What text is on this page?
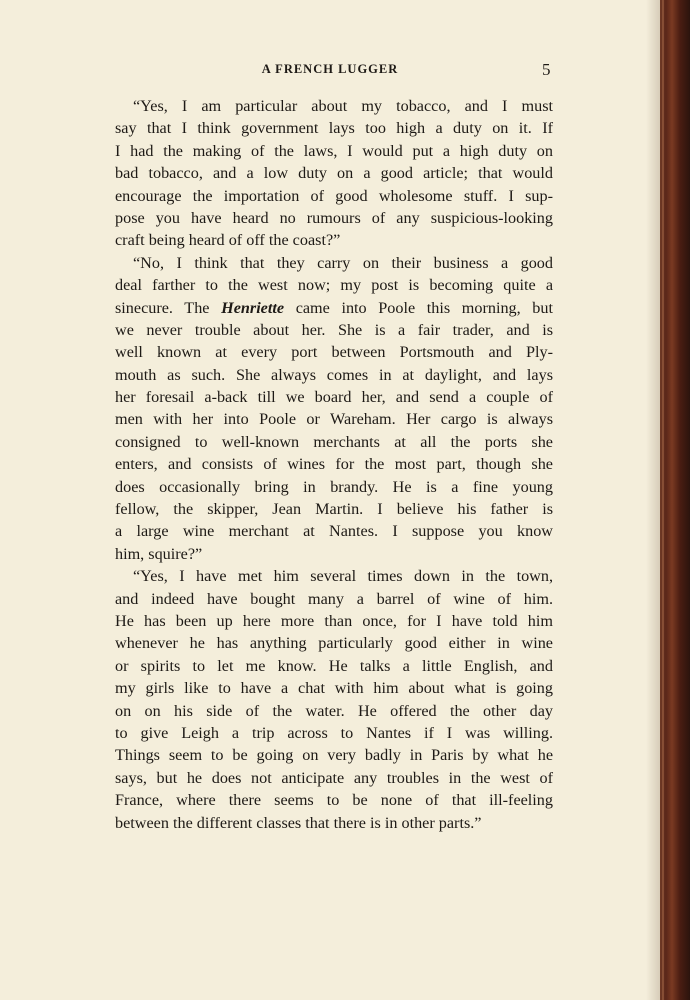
A FRENCH LUGGER	5
“Yes, I am particular about my tobacco, and I must
say that I think government lays too high a duty on it. If
I had the making of the laws, I would put a high duty on
bad tobacco, and a low duty on a good article; that would
encourage the importation of good wholesome stuff. I sup-
pose you have heard no rumours of any suspicious-looking
craft being heard of off the coast?”
“No, I think that they carry on their business a good
deal farther to the west now; my post is becoming quite a
sinecure. The Henriette came into Poole this morning, but
we never trouble about her. She is a fair trader, and is
well known at every port between Portsmouth and Ply-
mouth as such. She always comes in at daylight, and lays
her foresail a-back till we board her, and send a couple of
men with her into Poole or Wareham. Her cargo is always
consigned to well-known merchants at all the ports she
enters, and consists of wines for the most part, though she
does occasionally bring in brandy. He is a fine young
fellow, the skipper, Jean Martin. I believe his father is
a large wine merchant at Nantes. I suppose you know
him, squire?”
“Yes, I have met him several times down in the town,
and indeed have bought many a barrel of wine of him.
He has been up here more than once, for I have told him
whenever he has anything particularly good either in wine
or spirits to let me know. He talks a little English, and
my girls like to have a chat with him about what is going
on on his side of the water. He offered the other day
to give Leigh a trip across to Nantes if I was willing.
Things seem to be going on very badly in Paris by what he
says, but he does not anticipate any troubles in the west of
France, where there seems to be none of that ill-feeling
between the different classes that there is in other parts.”
